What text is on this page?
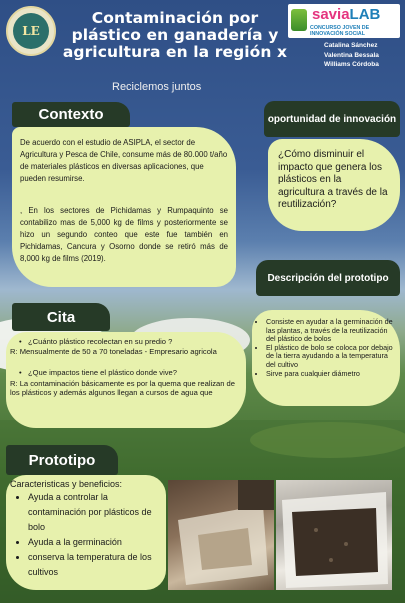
LE
Contaminación por plástico en ganadería y agricultura en la región x
Reciclemos juntos
saviaLAB
CONCURSO JOVEN DE INNOVACIÓN SOCIAL
Catalina Sánchez
Valentina Bessala
Williams Córdoba
Contexto

De acuerdo con el estudio de ASIPLA, el sector de Agricultura y Pesca de Chile, consume más de 80.000 t/año de materiales plásticos en diversas aplicaciones, que pueden resumirse.

, En los sectores de Pichidamas y Rumpaquinto se contabilizo mas de 5,000 kg de films y posteriormente se hizo un segundo conteo que este fue también en Pichidamas, Cancura y Osorno donde se retiró más de 8,000 kg de films (2019).

oportunidad de innovación
¿Cómo disminuir el impacto que genera los plásticos en la agricultura a través de la reutilización?
Descripción del prototipo
• Consiste en ayudar a la germinación de las plantas, a través de la reutilización del plástico de bolos
• El plástico de bolo se coloca por debajo de la tierra ayudando a la temperatura del cultivo
• Sirve para cualquier diámetro
Cita
• ¿Cuánto plástico recolectan en su predio ?
R: Mensualmente de 50 a 70 toneladas - Empresario agricola
• ¿Que impactos tiene el plástico donde vive?
R: La contaminación básicamente es por la quema que realizan de los plásticos y además algunos llegan a cursos de agua que
Prototipo
Caracteristicas y beneficios:
• Ayuda a controlar la contaminación por plásticos de bolo
• Ayuda a la germinación
• conserva la temperatura de los cultivos
